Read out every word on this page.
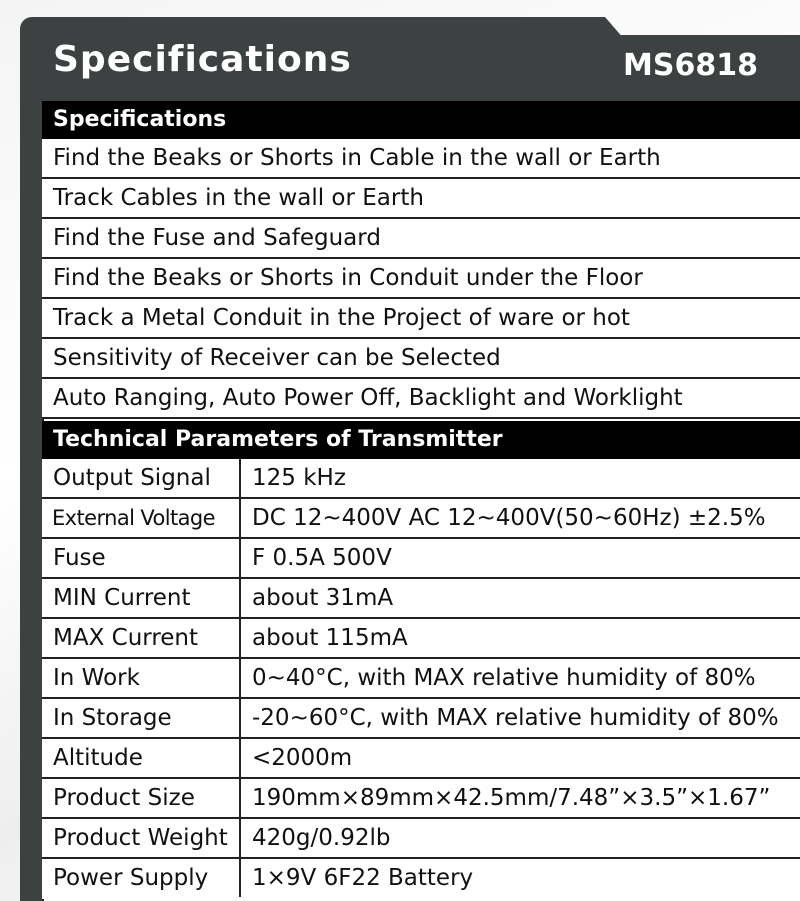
Specifications	MS6818
Specifications
Find the Beaks or Shorts in Cable in the wall or Earth
Track Cables in the wall or Earth
Find the Fuse and Safeguard
Find the Beaks or Shorts in Conduit under the Floor
Track a Metal Conduit in the Project of ware or hot
Sensitivity of Receiver can be Selected
Auto Ranging, Auto Power Off, Backlight and Worklight
Technical Parameters of Transmitter
Output Signal	125 kHz
External Voltage	DC 12~400V AC 12~400V(50~60Hz) ±2.5%
Fuse	F 0.5A 500V
MIN Current	about 31mA
MAX Current	about 115mA
In Work	0~40°C, with MAX relative humidity of 80%
In Storage	-20~60°C, with MAX relative humidity of 80%
Altitude	<2000m
Product Size	190mm×89mm×42.5mm/7.48”×3.5”×1.67”
Product Weight	420g/0.92lb
Power Supply	1×9V 6F22 Battery
